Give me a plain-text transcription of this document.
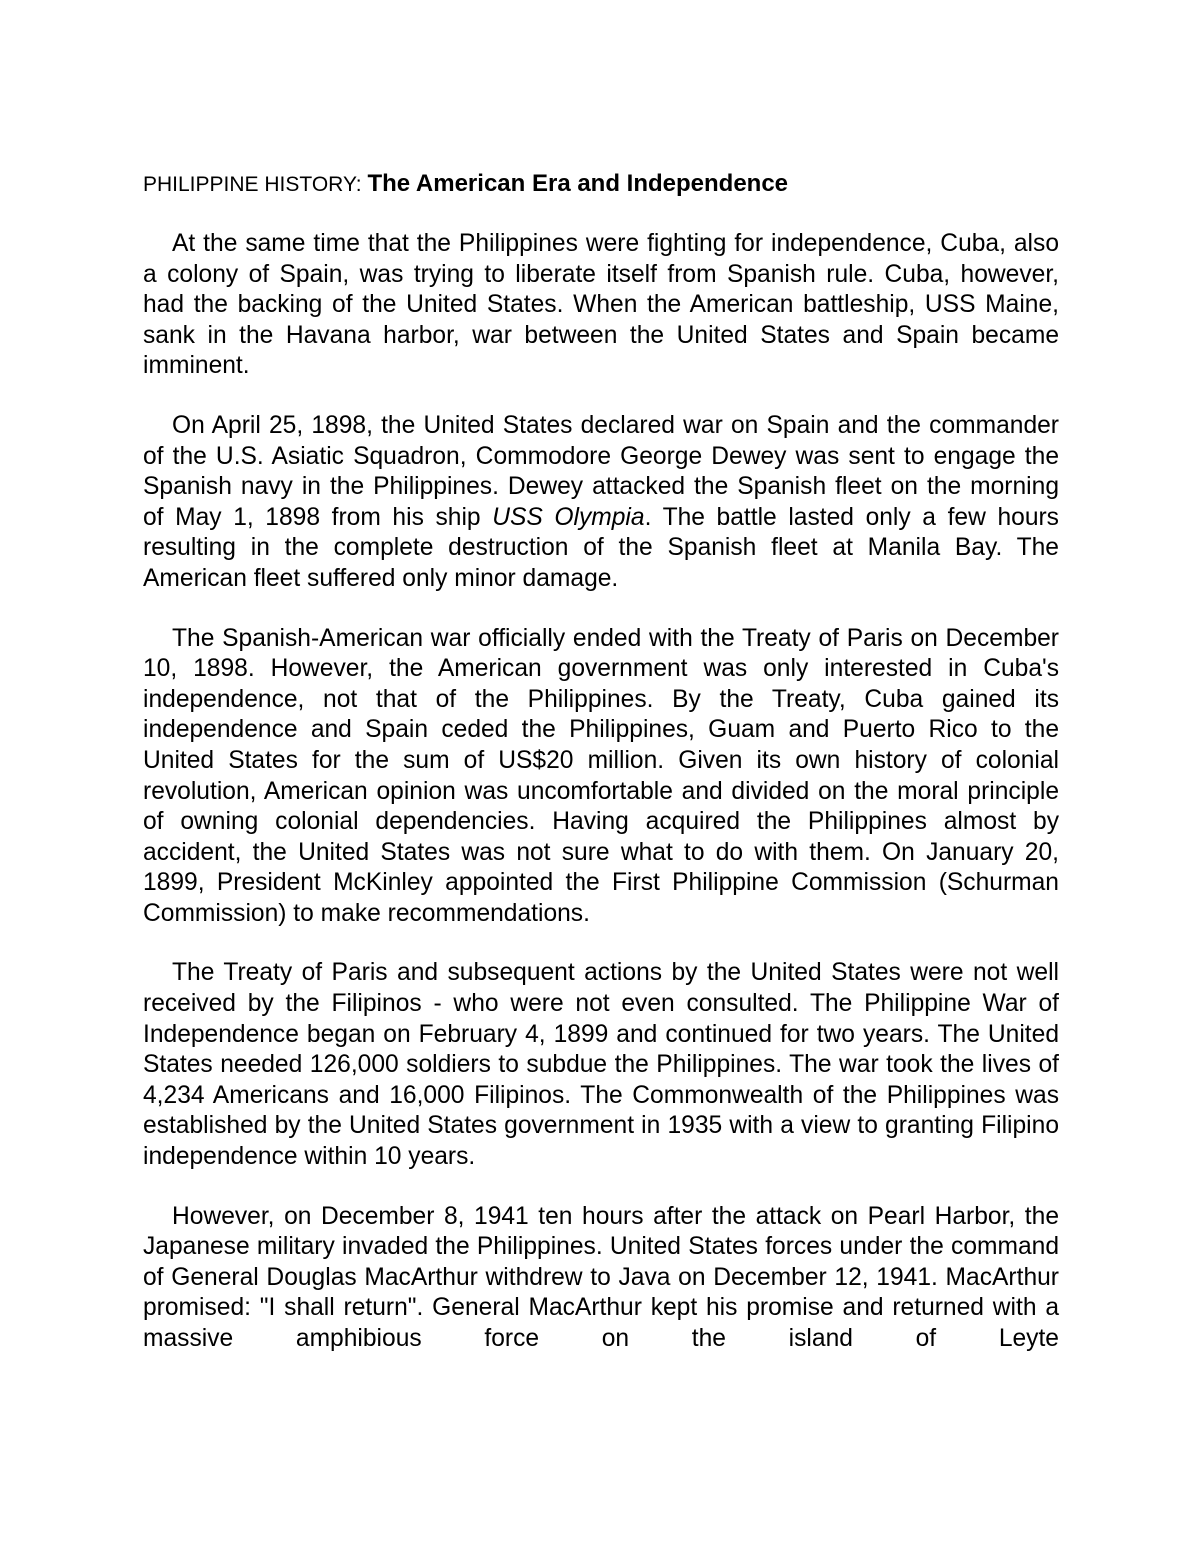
PHILIPPINE HISTORY: The American Era and Independence

At the same time that the Philippines were fighting for independence, Cuba, also a colony of Spain, was trying to liberate itself from Spanish rule. Cuba, however, had the backing of the United States. When the American battleship, USS Maine, sank in the Havana harbor, war between the United States and Spain became imminent.

On April 25, 1898, the United States declared war on Spain and the commander of the U.S. Asiatic Squadron, Commodore George Dewey was sent to engage the Spanish navy in the Philippines. Dewey attacked the Spanish fleet on the morning of May 1, 1898 from his ship USS Olympia. The battle lasted only a few hours resulting in the complete destruction of the Spanish fleet at Manila Bay. The American fleet suffered only minor damage.

The Spanish-American war officially ended with the Treaty of Paris on December 10, 1898. However, the American government was only interested in Cuba's independence, not that of the Philippines. By the Treaty, Cuba gained its independence and Spain ceded the Philippines, Guam and Puerto Rico to the United States for the sum of US$20 million. Given its own history of colonial revolution, American opinion was uncomfortable and divided on the moral principle of owning colonial dependencies. Having acquired the Philippines almost by accident, the United States was not sure what to do with them. On January 20, 1899, President McKinley appointed the First Philippine Commission (Schurman Commission) to make recommendations.

The Treaty of Paris and subsequent actions by the United States were not well received by the Filipinos - who were not even consulted. The Philippine War of Independence began on February 4, 1899 and continued for two years. The United States needed 126,000 soldiers to subdue the Philippines. The war took the lives of 4,234 Americans and 16,000 Filipinos. The Commonwealth of the Philippines was established by the United States government in 1935 with a view to granting Filipino independence within 10 years.

However, on December 8, 1941 ten hours after the attack on Pearl Harbor, the Japanese military invaded the Philippines. United States forces under the command of General Douglas MacArthur withdrew to Java on December 12, 1941. MacArthur promised: "I shall return". General MacArthur kept his promise and returned with a massive amphibious force on the island of Leyte
